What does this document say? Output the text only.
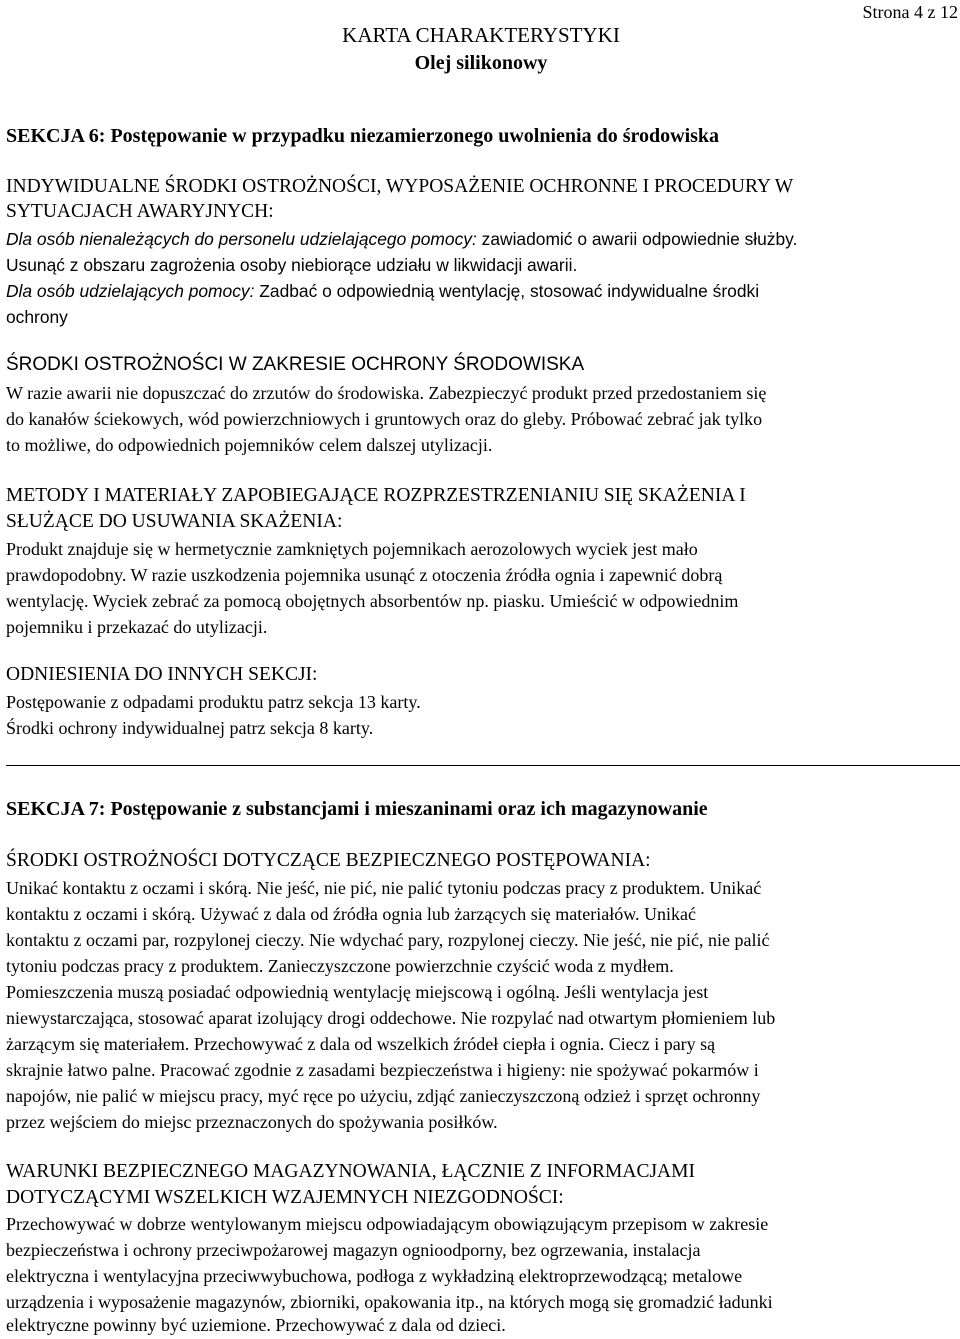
KARTA CHARAKTERYSTYKI
Olej silikonowy
Strona 4 z 12
SEKCJA 6: Postępowanie w przypadku niezamierzonego uwolnienia do środowiska
INDYWIDUALNE ŚRODKI OSTROŻNOŚCI, WYPOSAŻENIE OCHRONNE I PROCEDURY W
SYTUACJACH AWARYJNYCH:
Dla osób nienależących do personelu udzielającego pomocy: zawiadomić o awarii odpowiednie służby.
Usunąć z obszaru zagrożenia osoby niebiorące udziału w likwidacji awarii.
Dla osób udzielających pomocy: Zadbać o odpowiednią wentylację, stosować indywidualne środki
ochrony
ŚRODKI OSTROŻNOŚCI W ZAKRESIE OCHRONY ŚRODOWISKA
W razie awarii nie dopuszczać do zrzutów do środowiska. Zabezpieczyć produkt przed przedostaniem się
do kanałów ściekowych, wód powierzchniowych i gruntowych oraz do gleby. Próbować zebrać jak tylko
to możliwe, do odpowiednich pojemników celem dalszej utylizacji.
METODY I MATERIAŁY ZAPOBIEGAJĄCE ROZPRZESTRZENIANIU SIĘ SKAŻENIA I
SŁUŻĄCE DO USUWANIA SKAŻENIA:
Produkt znajduje się w hermetycznie zamkniętych pojemnikach aerozolowych wyciek jest mało
prawdopodobny. W razie uszkodzenia pojemnika usunąć z otoczenia źródła ognia i zapewnić dobrą
wentylację. Wyciek zebrać za pomocą obojętnych absorbentów np. piasku. Umieścić w odpowiednim
pojemniku i przekazać do utylizacji.
ODNIESIENIA DO INNYCH SEKCJI:
Postępowanie z odpadami produktu patrz sekcja 13 karty.
Środki ochrony indywidualnej patrz sekcja 8 karty.
SEKCJA 7: Postępowanie z substancjami i mieszaninami oraz ich magazynowanie
ŚRODKI OSTROŻNOŚCI DOTYCZĄCE BEZPIECZNEGO POSTĘPOWANIA:
Unikać kontaktu z oczami i skórą. Nie jeść, nie pić, nie palić tytoniu podczas pracy z produktem. Unikać
kontaktu z oczami i skórą. Używać z dala od źródła ognia lub żarzących się materiałów. Unikać
kontaktu z oczami par, rozpylonej cieczy. Nie wdychać pary, rozpylonej cieczy. Nie jeść, nie pić, nie palić
tytoniu podczas pracy z produktem. Zanieczyszczone powierzchnie czyścić woda z mydłem.
Pomieszczenia muszą posiadać odpowiednią wentylację miejscową i ogólną. Jeśli wentylacja jest
niewystarczająca, stosować aparat izolujący drogi oddechowe. Nie rozpylać nad otwartym płomieniem lub
żarzącym się materiałem. Przechowywać z dala od wszelkich źródeł ciepła i ognia. Ciecz i pary są
skrajnie łatwo palne. Pracować zgodnie z zasadami bezpieczeństwa i higieny: nie spożywać pokarmów i
napojów, nie palić w miejscu pracy, myć ręce po użyciu, zdjąć zanieczyszczoną odzież i sprzęt ochronny
przez wejściem do miejsc przeznaczonych do spożywania posiłków.
WARUNKI BEZPIECZNEGO MAGAZYNOWANIA, ŁĄCZNIE Z INFORMACJAMI
DOTYCZĄCYMI WSZELKICH WZAJEMNYCH NIEZGODNOŚCI:
Przechowywać w dobrze wentylowanym miejscu odpowiadającym obowiązującym przepisom w zakresie
bezpieczeństwa i ochrony przeciwpożarowej magazyn ognioodporny, bez ogrzewania, instalacja
elektryczna i wentylacyjna przeciwwybuchowa, podłoga z wykładziną elektroprzewodzącą; metalowe
urządzenia i wyposażenie magazynów, zbiorniki, opakowania itp., na których mogą się gromadzić ładunki
elektryczne powinny być uziemione. Przechowywać z dala od dzieci.
